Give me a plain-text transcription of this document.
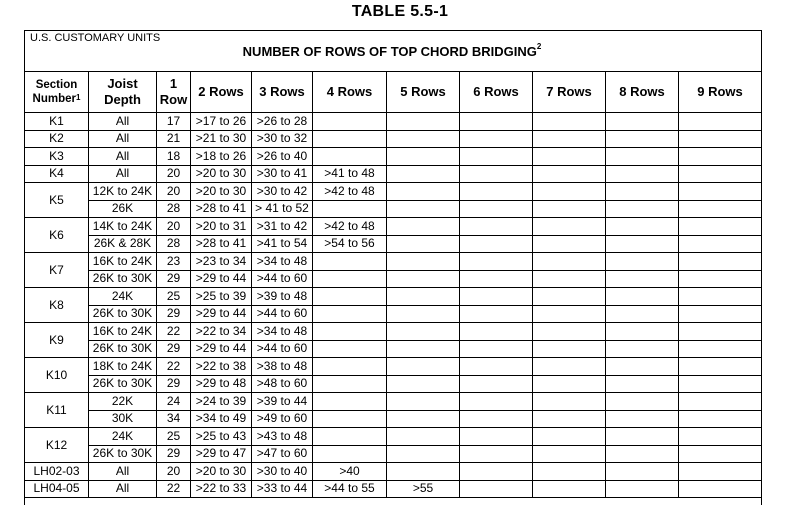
TABLE 5.5-1
U.S. CUSTOMARY UNITS
NUMBER OF ROWS OF TOP CHORD BRIDGING$^2$
Section Number$^1$	Joist Depth	1 Row	2 Rows	3 Rows	4 Rows	5 Rows	6 Rows	7 Rows	8 Rows	9 Rows
K1	All	17	>17 to 26	>26 to 28						
K2	All	21	>21 to 30	>30 to 32						
K3	All	18	>18 to 26	>26 to 40						
K4	All	20	>20 to 30	>30 to 41	>41 to 48					
K5	12K to 24K	20	>20 to 30	>30 to 42	>42 to 48					
	26K	28	>28 to 41	> 41 to 52						
K6	14K to 24K	20	>20 to 31	>31 to 42	>42 to 48					
	26K & 28K	28	>28 to 41	>41 to 54	>54 to 56					
K7	16K to 24K	23	>23 to 34	>34 to 48						
	26K to 30K	29	>29 to 44	>44 to 60						
K8	24K	25	>25 to 39	>39 to 48						
	26K to 30K	29	>29 to 44	>44 to 60						
K9	16K to 24K	22	>22 to 34	>34 to 48						
	26K to 30K	29	>29 to 44	>44 to 60						
K10	18K to 24K	22	>22 to 38	>38 to 48						
	26K to 30K	29	>29 to 48	>48 to 60						
K11	22K	24	>24 to 39	>39 to 44						
	30K	34	>34 to 49	>49 to 60						
K12	24K	25	>25 to 43	>43 to 48						
	26K to 30K	29	>29 to 47	>47 to 60						
LH02-03	All	20	>20 to 30	>30 to 40	>40					
LH04-05	All	22	>22 to 33	>33 to 44	>44 to 55	>55				
